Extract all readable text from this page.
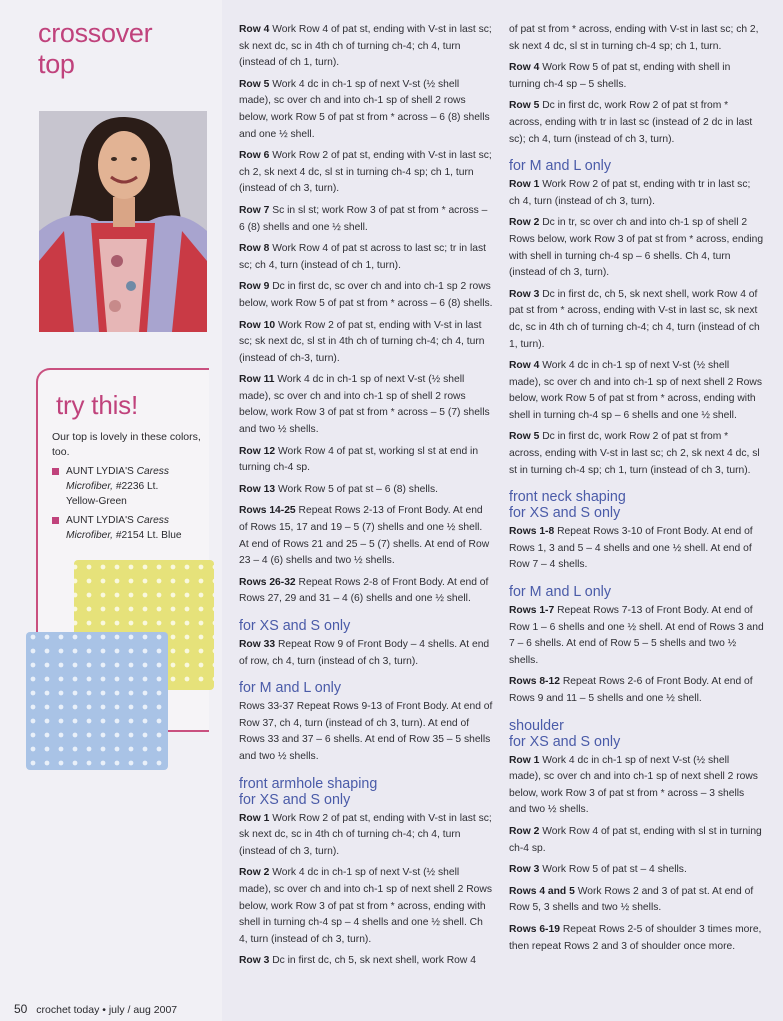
crossover
top
try this!
Our top is lovely in these colors, too.
AUNT LYDIA'S Caress
Microfiber, #2236 Lt.
Yellow-Green
AUNT LYDIA'S Caress
Microfiber, #2154 Lt. Blue

Row 4 Work Row 4 of pat st, ending with V-st in last sc; sk next dc, sc in 4th ch of turning ch-4; ch 4, turn (instead of ch 1, turn).

Row 5 Work 4 dc in ch-1 sp of next V-st (½ shell made), sc over ch and into ch-1 sp of shell 2 rows below, work Row 5 of pat st from * across – 6 (8) shells and one ½ shell.

Row 6 Work Row 2 of pat st, ending with V-st in last sc; ch 2, sk next 4 dc, sl st in turning ch-4 sp; ch 1, turn (instead of ch 3, turn).

Row 7 Sc in sl st; work Row 3 of pat st from * across – 6 (8) shells and one ½ shell.

Row 8 Work Row 4 of pat st across to last sc; tr in last sc; ch 4, turn (instead of ch 1, turn).

Row 9 Dc in first dc, sc over ch and into ch-1 sp 2 rows below, work Row 5 of pat st from * across – 6 (8) shells.

Row 10 Work Row 2 of pat st, ending with V-st in last sc; sk next dc, sl st in 4th ch of turning ch-4; ch 4, turn (instead of ch-3, turn).

Row 11 Work 4 dc in ch-1 sp of next V-st (½ shell made), sc over ch and into ch-1 sp of shell 2 rows below, work Row 3 of pat st from * across – 5 (7) shells and two ½ shells.

Row 12 Work Row 4 of pat st, working sl st at end in turning ch-4 sp.

Row 13 Work Row 5 of pat st – 6 (8) shells.

Rows 14-25 Repeat Rows 2-13 of Front Body. At end of Rows 15, 17 and 19 – 5 (7) shells and one ½ shell. At end of Rows 21 and 25 – 5 (7) shells. At end of Row 23 – 4 (6) shells and two ½ shells.

Rows 26-32 Repeat Rows 2-8 of Front Body. At end of Rows 27, 29 and 31 – 4 (6) shells and one ½ shell.

for XS and S only

Row 33 Repeat Row 9 of Front Body – 4 shells. At end of row, ch 4, turn (instead of ch 3, turn).

for M and L only

Rows 33-37 Repeat Rows 9-13 of Front Body. At end of Row 37, ch 4, turn (instead of ch 3, turn). At end of Rows 33 and 37 – 6 shells. At end of Row 35 – 5 shells and two ½ shells.

front armhole shaping
for XS and S only

Row 1 Work Row 2 of pat st, ending with V-st in last sc; sk next dc, sc in 4th ch of turning ch-4; ch 4, turn (instead of ch 3, turn).

Row 2 Work 4 dc in ch-1 sp of next V-st (½ shell made), sc over ch and into ch-1 sp of next shell 2 Rows below, work Row 3 of pat st from * across, ending with shell in turning ch-4 sp – 4 shells and one ½ shell. Ch 4, turn (instead of ch 3, turn).

Row 3 Dc in first dc, ch 5, sk next shell, work Row 4

of pat st from * across, ending with V-st in last sc; ch 2, sk next 4 dc, sl st in turning ch-4 sp; ch 1, turn.

Row 4 Work Row 5 of pat st, ending with shell in turning ch-4 sp – 5 shells.

Row 5 Dc in first dc, work Row 2 of pat st from * across, ending with tr in last sc (instead of 2 dc in last sc); ch 4, turn (instead of ch 3, turn).

for M and L only

Row 1 Work Row 2 of pat st, ending with tr in last sc; ch 4, turn (instead of ch 3, turn).

Row 2 Dc in tr, sc over ch and into ch-1 sp of shell 2 Rows below, work Row 3 of pat st from * across, ending with shell in turning ch-4 sp – 6 shells. Ch 4, turn (instead of ch 3, turn).

Row 3 Dc in first dc, ch 5, sk next shell, work Row 4 of pat st from * across, ending with V-st in last sc, sk next dc, sc in 4th ch of turning ch-4; ch 4, turn (instead of ch 1, turn).

Row 4 Work 4 dc in ch-1 sp of next V-st (½ shell made), sc over ch and into ch-1 sp of next shell 2 Rows below, work Row 5 of pat st from * across, ending with shell in turning ch-4 sp – 6 shells and one ½ shell.

Row 5 Dc in first dc, work Row 2 of pat st from * across, ending with V-st in last sc; ch 2, sk next 4 dc, sl st in turning ch-4 sp; ch 1, turn (instead of ch 3, turn).

front neck shaping
for XS and S only

Rows 1-8 Repeat Rows 3-10 of Front Body. At end of Rows 1, 3 and 5 – 4 shells and one ½ shell. At end of Row 7 – 4 shells.

for M and L only

Rows 1-7 Repeat Rows 7-13 of Front Body. At end of Row 1 – 6 shells and one ½ shell. At end of Rows 3 and 7 – 6 shells. At end of Row 5 – 5 shells and two ½ shells.

Rows 8-12 Repeat Rows 2-6 of Front Body. At end of Rows 9 and 11 – 5 shells and one ½ shell.

shoulder
for XS and S only

Row 1 Work 4 dc in ch-1 sp of next V-st (½ shell made), sc over ch and into ch-1 sp of next shell 2 rows below, work Row 3 of pat st from * across – 3 shells and two ½ shells.

Row 2 Work Row 4 of pat st, ending with sl st in turning ch-4 sp.

Row 3 Work Row 5 of pat st – 4 shells.

Rows 4 and 5 Work Rows 2 and 3 of pat st. At end of Row 5, 3 shells and two ½ shells.

Rows 6-19 Repeat Rows 2-5 of shoulder 3 times more, then repeat Rows 2 and 3 of shoulder once more.

50 crochet today • july / aug 2007
